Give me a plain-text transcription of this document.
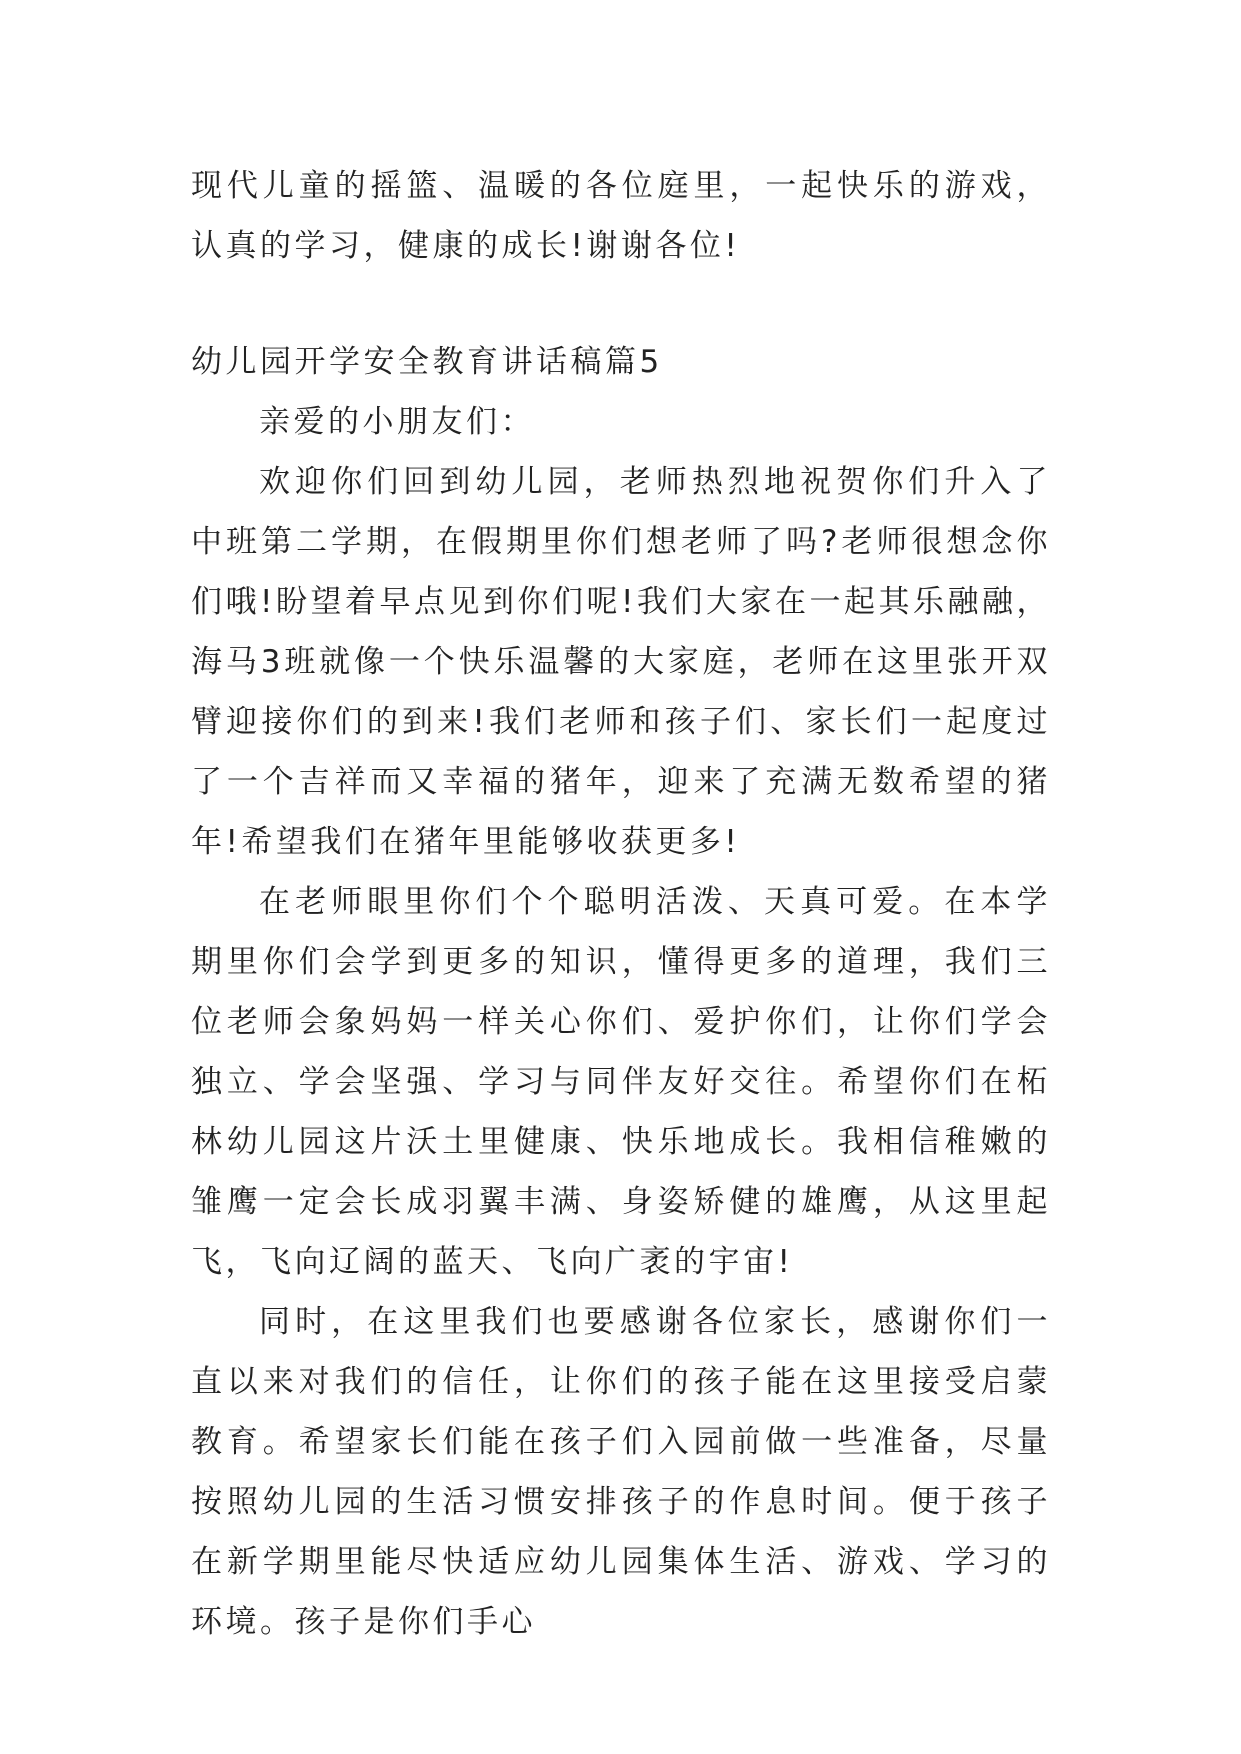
现代儿童的摇篮、温暖的各位庭里，一起快乐的游戏，认真的学习，健康的成长!谢谢各位!

幼儿园开学安全教育讲话稿篇5

亲爱的小朋友们：

欢迎你们回到幼儿园，老师热烈地祝贺你们升入了中班第二学期，在假期里你们想老师了吗?老师很想念你们哦!盼望着早点见到你们呢!我们大家在一起其乐融融，海马3班就像一个快乐温馨的大家庭，老师在这里张开双臂迎接你们的到来!我们老师和孩子们、家长们一起度过了一个吉祥而又幸福的猪年，迎来了充满无数希望的猪年!希望我们在猪年里能够收获更多!

在老师眼里你们个个聪明活泼、天真可爱。在本学期里你们会学到更多的知识，懂得更多的道理，我们三位老师会象妈妈一样关心你们、爱护你们，让你们学会独立、学会坚强、学习与同伴友好交往。希望你们在柘林幼儿园这片沃土里健康、快乐地成长。我相信稚嫩的雏鹰一定会长成羽翼丰满、身姿矫健的雄鹰，从这里起飞，飞向辽阔的蓝天、飞向广袤的宇宙!

同时，在这里我们也要感谢各位家长，感谢你们一直以来对我们的信任，让你们的孩子能在这里接受启蒙教育。希望家长们能在孩子们入园前做一些准备，尽量按照幼儿园的生活习惯安排孩子的作息时间。便于孩子在新学期里能尽快适应幼儿园集体生活、游戏、学习的环境。孩子是你们手心
